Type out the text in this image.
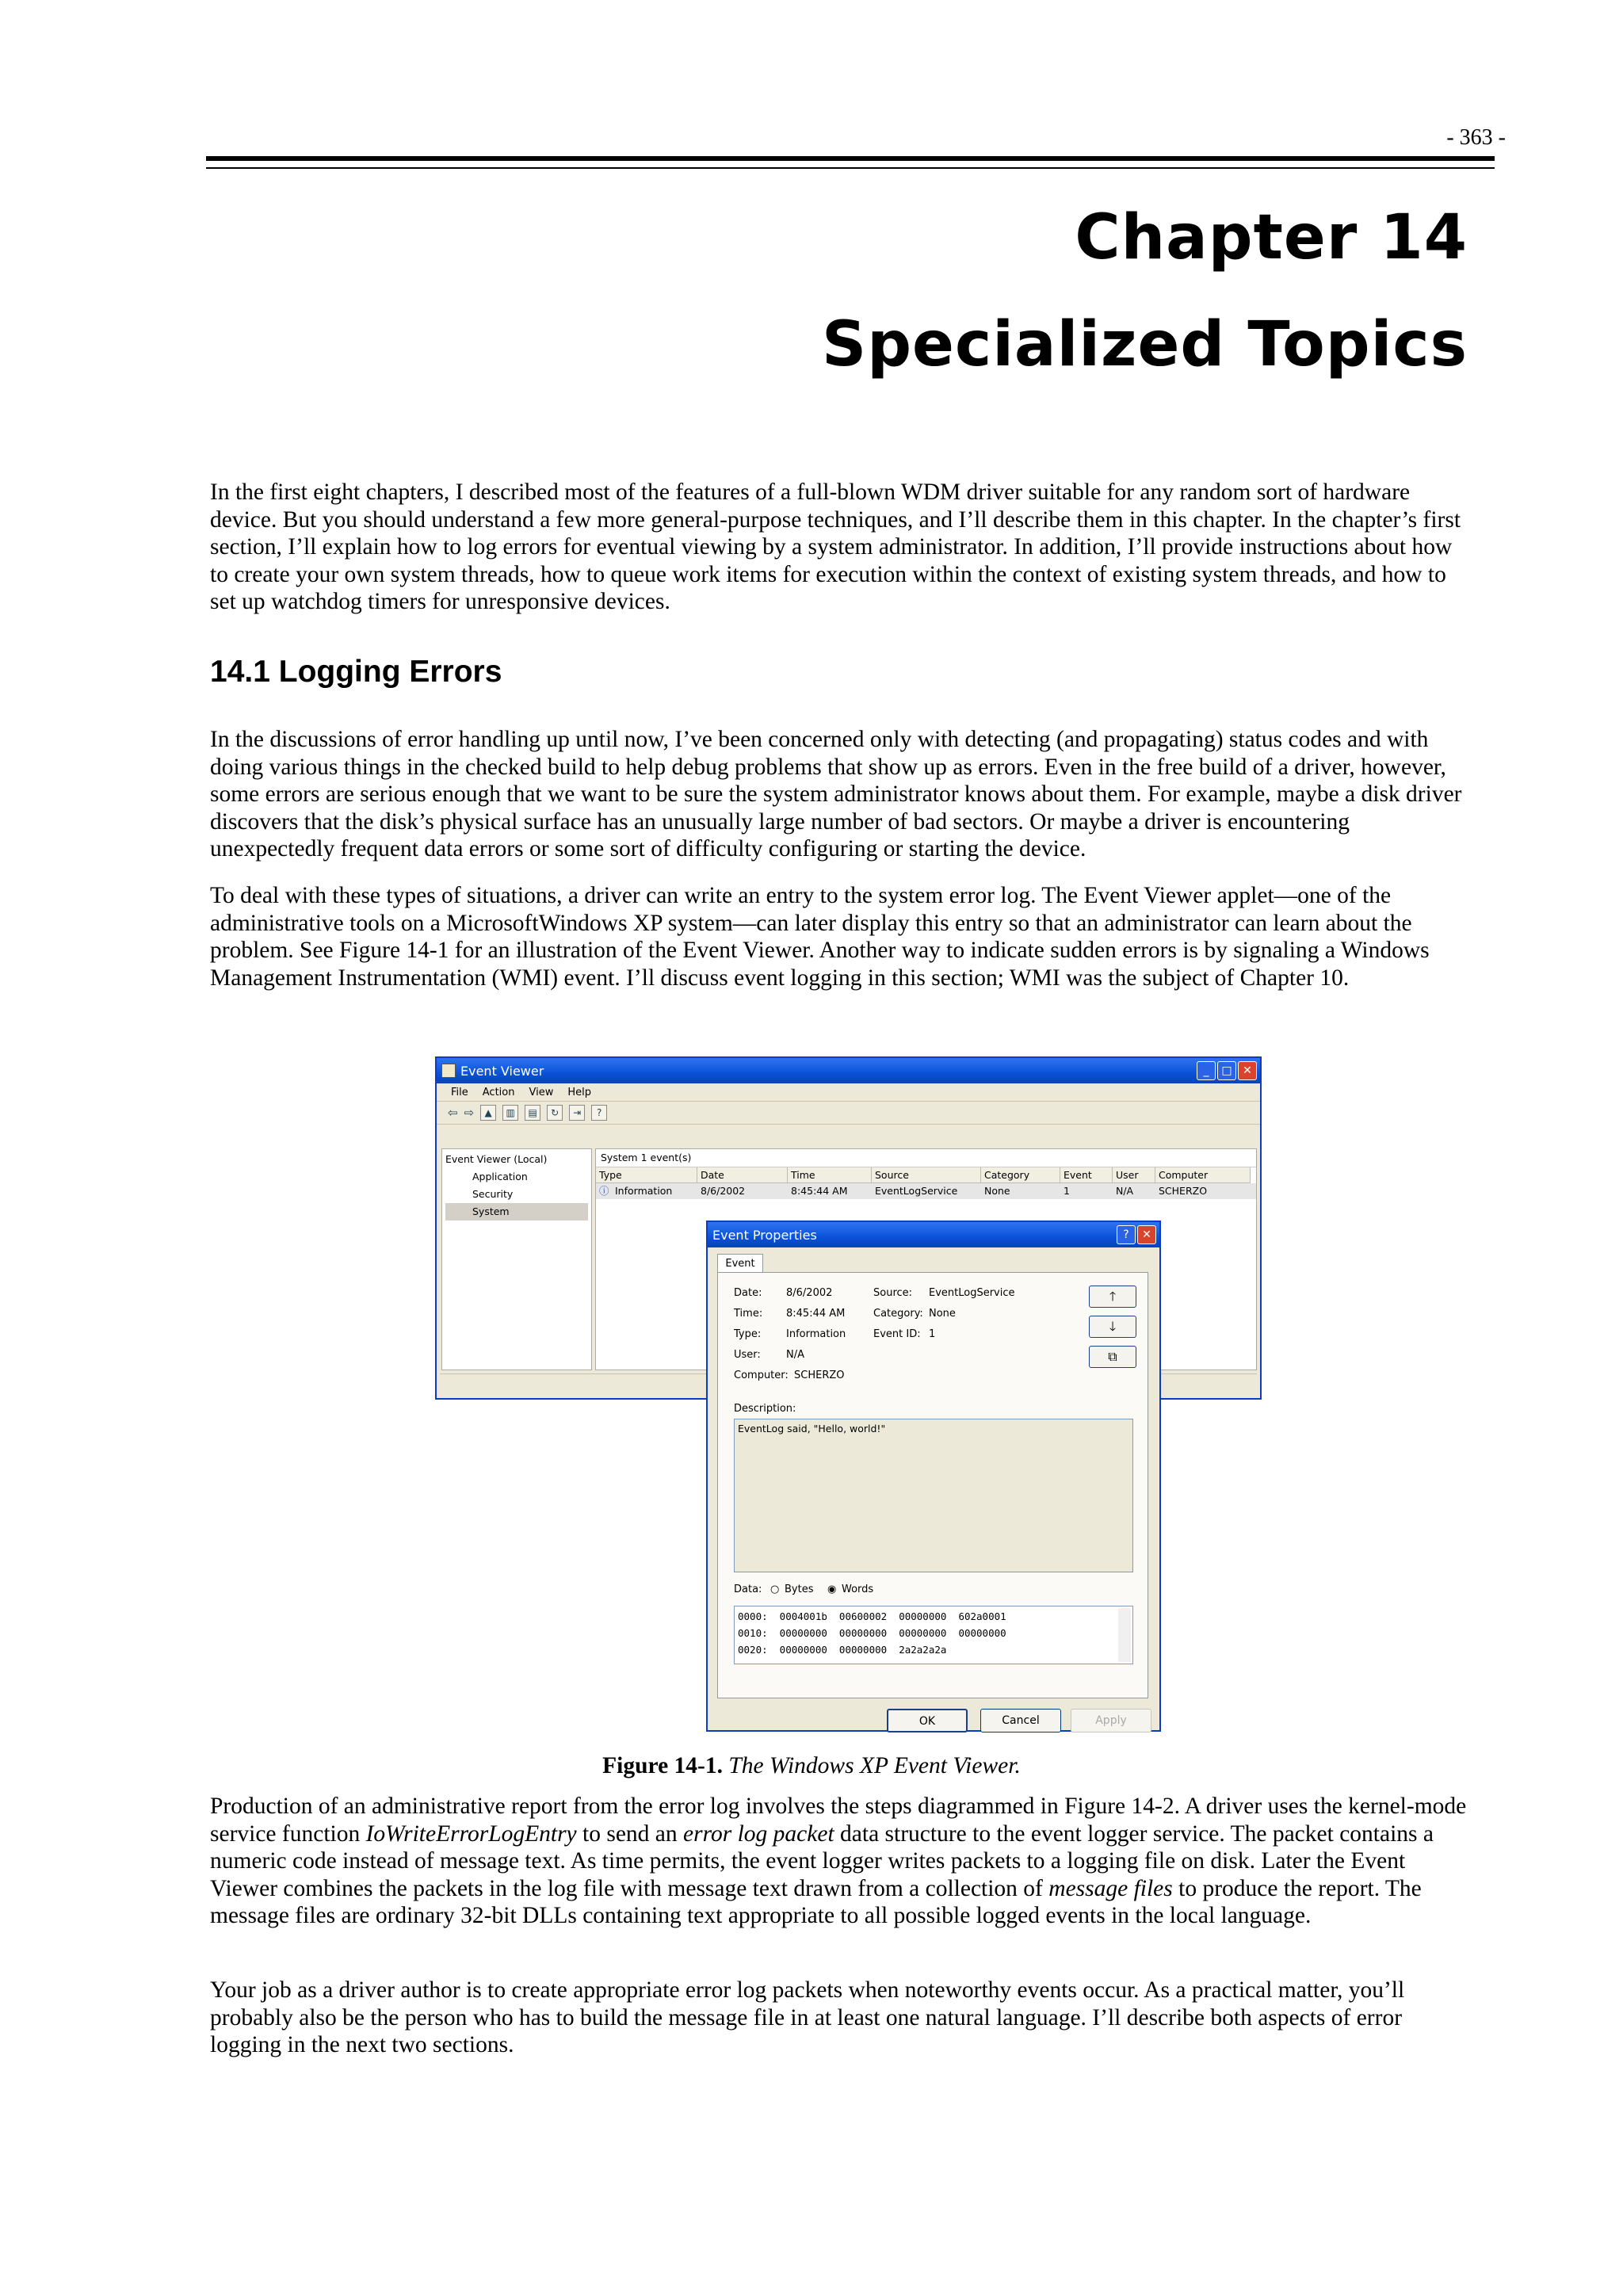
- 363 -
Chapter 14
Specialized Topics

In the first eight chapters, I described most of the features of a full-blown WDM driver suitable for any random sort of hardware device. But you should understand a few more general-purpose techniques, and I’ll describe them in this chapter. In the chapter’s first section, I’ll explain how to log errors for eventual viewing by a system administrator. In addition, I’ll provide instructions about how to create your own system threads, how to queue work items for execution within the context of existing system threads, and how to set up watchdog timers for unresponsive devices.

14.1 Logging Errors

In the discussions of error handling up until now, I’ve been concerned only with detecting (and propagating) status codes and with doing various things in the checked build to help debug problems that show up as errors. Even in the free build of a driver, however, some errors are serious enough that we want to be sure the system administrator knows about them. For example, maybe a disk driver discovers that the disk’s physical surface has an unusually large number of bad sectors. Or maybe a driver is encountering unexpectedly frequent data errors or some sort of difficulty configuring or starting the device.

To deal with these types of situations, a driver can write an entry to the system error log. The Event Viewer applet—one of the administrative tools on a MicrosoftWindows XP system—can later display this entry so that an administrator can learn about the problem. See Figure 14-1 for an illustration of the Event Viewer. Another way to indicate sudden errors is by signaling a Windows Management Instrumentation (WMI) event. I’ll discuss event logging in this section; WMI was the subject of Chapter 10.

Event Viewer	_	□ ✕
File Action View Help
⇦ ⇨	▲	▥	▤	↻	⇥	?
Event Viewer (Local)
Application
Security
System
System 1 event(s)
Type	Date	Time	Source	Category	Event	User	Computer
ⓘ Information	8/6/2002	8:45:44 AM	EventLogService	None	1	N/A	SCHERZO
Event Properties	?	✕
Event
Date: 8/6/2002	Source: EventLogService
Time: 8:45:44 AM	Category: None
Type: Information	Event ID: 1
User: N/A
Computer: SCHERZO
🡑
🡓
⧉
Description:
EventLog said, "Hello, world!"
Data: ○ Bytes ◉ Words
0000:  0004001b  00600002  00000000  602a0001
0010:  00000000  00000000  00000000  00000000
0020:  00000000  00000000  2a2a2a2a
OK	Cancel	Apply
Figure 14-1. The Windows XP Event Viewer.

Production of an administrative report from the error log involves the steps diagrammed in Figure 14-2. A driver uses the kernel-mode service function IoWriteErrorLogEntry to send an error log packet data structure to the event logger service. The packet contains a numeric code instead of message text. As time permits, the event logger writes packets to a logging file on disk. Later the Event Viewer combines the packets in the log file with message text drawn from a collection of message files to produce the report. The message files are ordinary 32-bit DLLs containing text appropriate to all possible logged events in the local language.

Your job as a driver author is to create appropriate error log packets when noteworthy events occur. As a practical matter, you’ll probably also be the person who has to build the message file in at least one natural language. I’ll describe both aspects of error logging in the next two sections.
